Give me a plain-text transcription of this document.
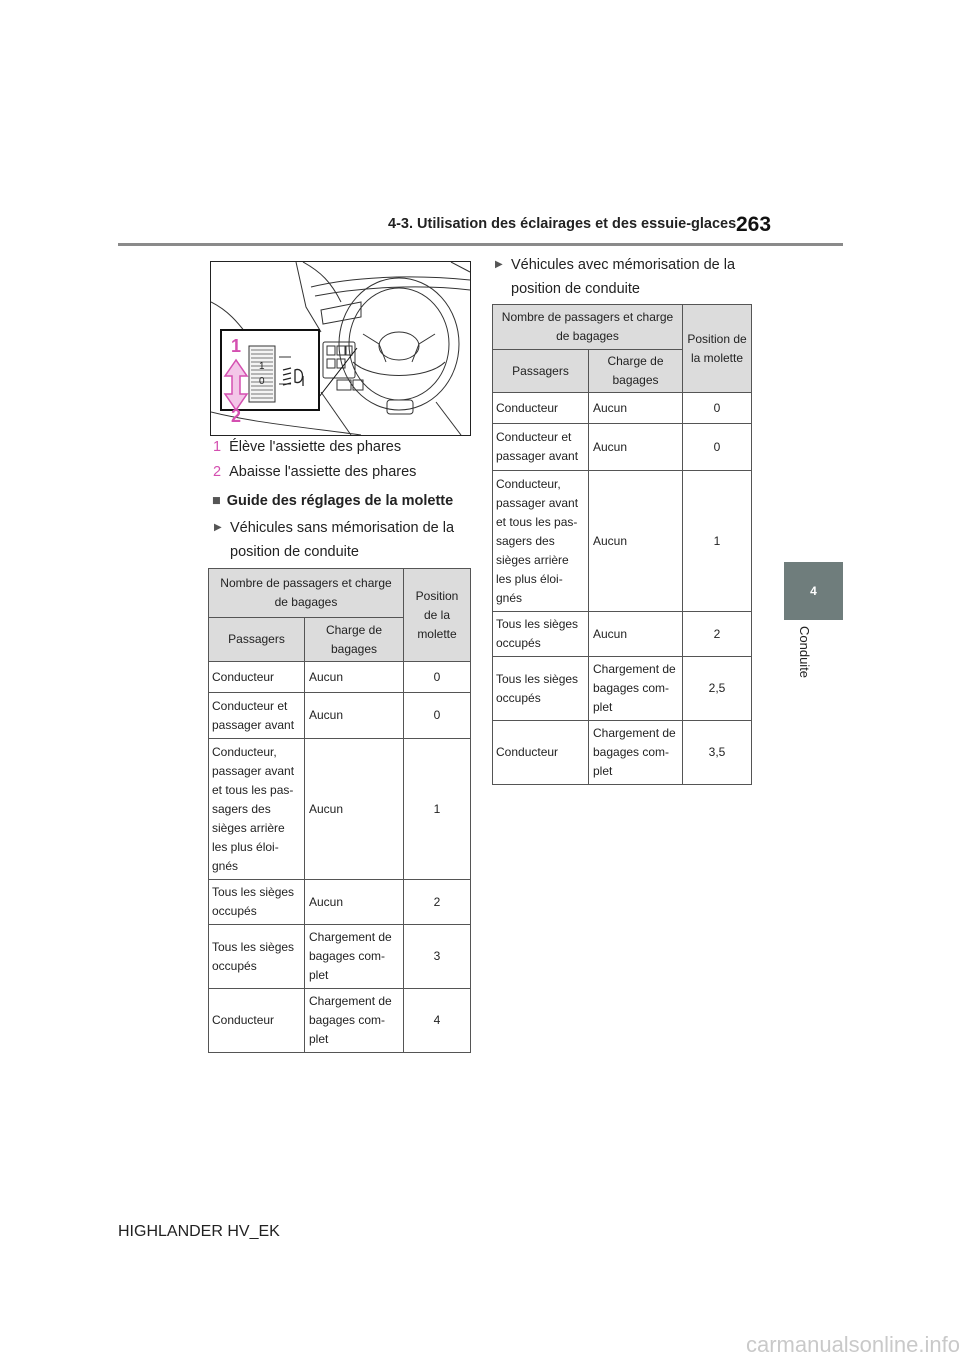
4-3. Utilisation des éclairages et des essuie-glaces 263
4
Conduite
1
0
1
2
1 Élève l'assiette des phares
2 Abaisse l'assiette des phares
■ Guide des réglages de la molette
▶ Véhicules sans mémorisation de la
position de conduite
▶ Véhicules avec mémorisation de la
position de conduite
Nombre de passagers et charge de bagages		Position de la molette
Passagers	Charge de bagages	
Conducteur	Aucun	0
Conducteur et passager avant	Aucun	0
Conducteur, passager avant et tous les pas-sagers des sièges arrière les plus éloi-gnés	Aucun	1
Tous les sièges occupés	Aucun	2
Tous les sièges occupés	Chargement de bagages com-plet	3
Conducteur	Chargement de bagages com-plet	4
Nombre de passagers et charge de bagages		Position de la molette
Passagers	Charge de bagages	
Conducteur	Aucun	0
Conducteur et passager avant	Aucun	0
Conducteur, passager avant et tous les pas-sagers des sièges arrière les plus éloi-gnés	Aucun	1
Tous les sièges occupés	Aucun	2
Tous les sièges occupés	Chargement de bagages com-plet	2,5
Conducteur	Chargement de bagages com-plet	3,5
HIGHLANDER HV_EK
carmanualsonline.info
